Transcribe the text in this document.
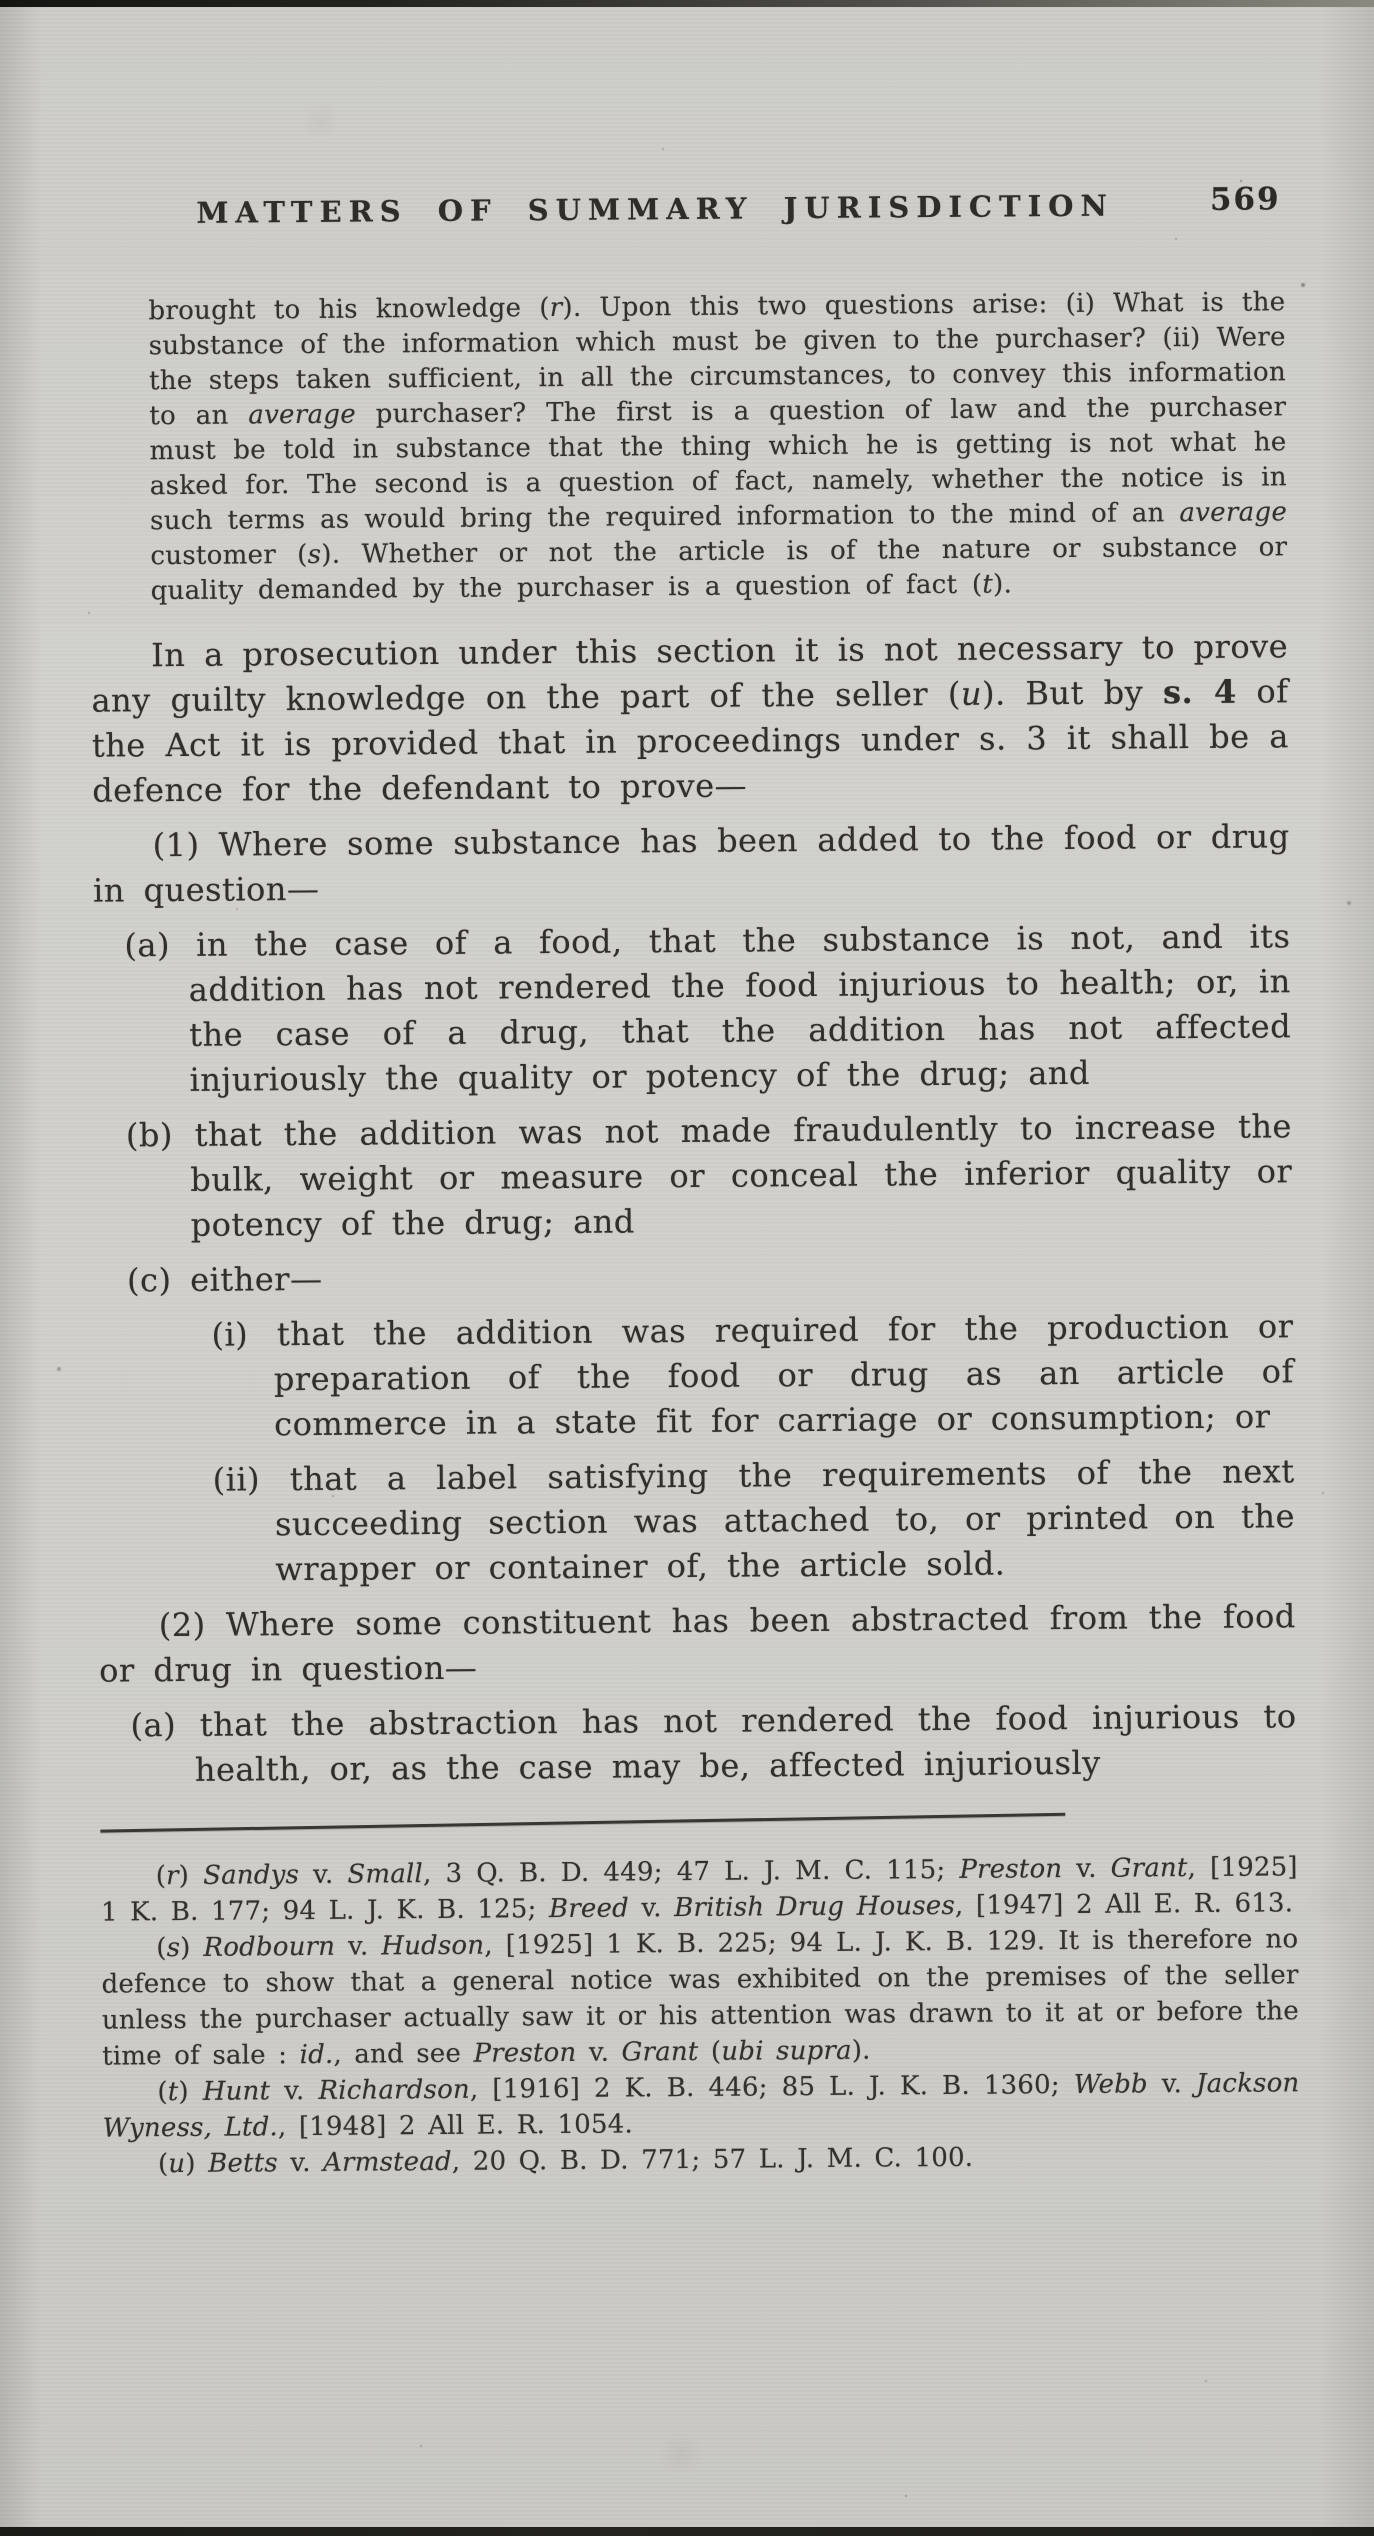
MATTERS OF SUMMARY JURISDICTION	569
brought to his knowledge (r). Upon this two questions arise: (i) What is the substance of the information which must be given to the purchaser? (ii) Were the steps taken sufficient, in all the circumstances, to convey this information to an average purchaser? The first is a question of law and the purchaser must be told in substance that the thing which he is getting is not what he asked for. The second is a question of fact, namely, whether the notice is in such terms as would bring the required information to the mind of an average customer (s). Whether or not the article is of the nature or substance or quality demanded by the purchaser is a question of fact (t).

In a prosecution under this section it is not necessary to prove any guilty knowledge on the part of the seller (u). But by s. 4 of the Act it is provided that in proceedings under s. 3 it shall be a defence for the defendant to prove—

(1) Where some substance has been added to the food or drug in question—

(a) in the case of a food, that the substance is not, and its addition has not rendered the food injurious to health; or, in the case of a drug, that the addition has not affected injuriously the quality or potency of the drug; and

(b) that the addition was not made fraudulently to increase the bulk, weight or measure or conceal the inferior quality or potency of the drug; and

(c) either—

(i) that the addition was required for the production or preparation of the food or drug as an article of commerce in a state fit for carriage or consumption; or

(ii) that a label satisfying the requirements of the next succeeding section was attached to, or printed on the wrapper or container of, the article sold.

(2) Where some constituent has been abstracted from the food or drug in question—

(a) that the abstraction has not rendered the food injurious to health, or, as the case may be, affected injuriously

(r) Sandys v. Small, 3 Q. B. D. 449; 47 L. J. M. C. 115; Preston v. Grant, [1925] 1 K. B. 177; 94 L. J. K. B. 125; Breed v. British Drug Houses, [1947] 2 All E. R. 613.

(s) Rodbourn v. Hudson, [1925] 1 K. B. 225; 94 L. J. K. B. 129. It is therefore no defence to show that a general notice was exhibited on the premises of the seller unless the purchaser actually saw it or his attention was drawn to it at or before the time of sale : id., and see Preston v. Grant (ubi supra).

(t) Hunt v. Richardson, [1916] 2 K. B. 446; 85 L. J. K. B. 1360; Webb v. Jackson Wyness, Ltd., [1948] 2 All E. R. 1054.

(u) Betts v. Armstead, 20 Q. B. D. 771; 57 L. J. M. C. 100.
